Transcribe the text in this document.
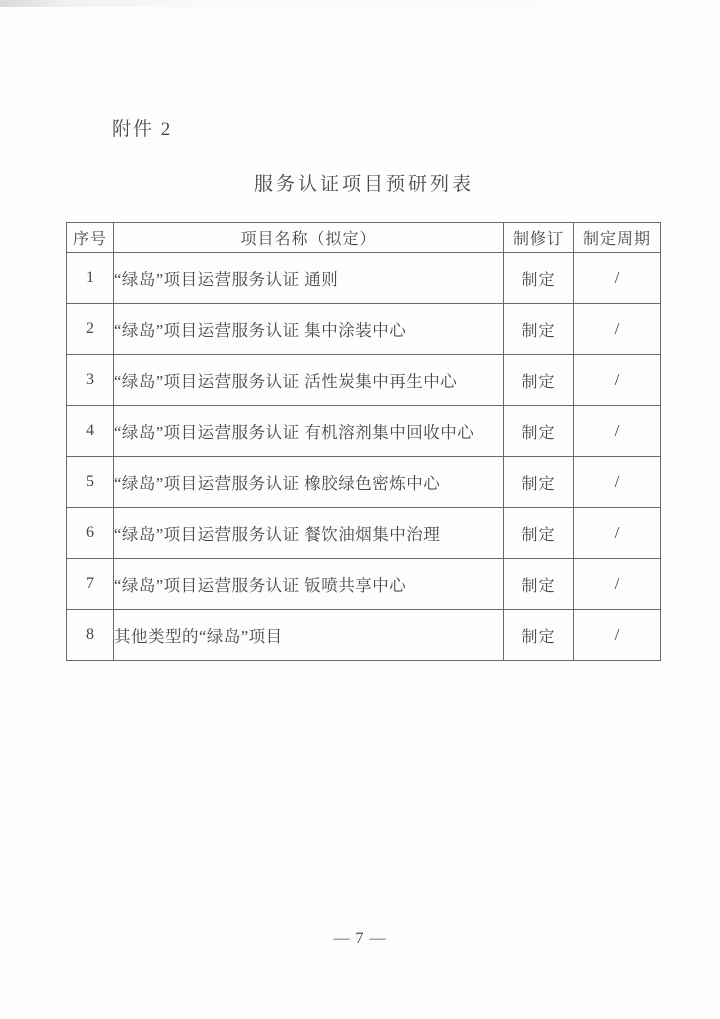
附件 2
服务认证项目预研列表
序号	项目名称（拟定）	制修订	制定周期
1	“绿岛”项目运营服务认证 通则	制定	/
2	“绿岛”项目运营服务认证 集中涂装中心	制定	/
3	“绿岛”项目运营服务认证 活性炭集中再生中心	制定	/
4	“绿岛”项目运营服务认证 有机溶剂集中回收中心	制定	/
5	“绿岛”项目运营服务认证 橡胶绿色密炼中心	制定	/
6	“绿岛”项目运营服务认证 餐饮油烟集中治理	制定	/
7	“绿岛”项目运营服务认证 钣喷共享中心	制定	/
8	其他类型的“绿岛”项目	制定	/
— 7 —
